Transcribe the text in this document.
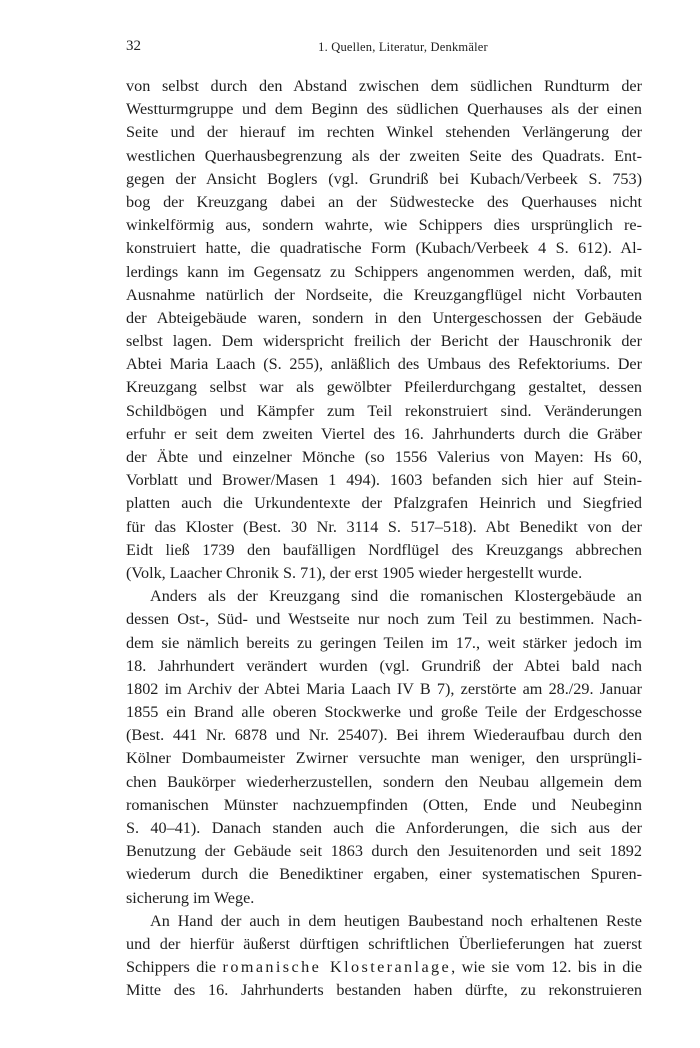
32	1. Quellen, Literatur, Denkmäler
von selbst durch den Abstand zwischen dem südlichen Rundturm der
Westturmgruppe und dem Beginn des südlichen Querhauses als der einen
Seite und der hierauf im rechten Winkel stehenden Verlängerung der
westlichen Querhausbegrenzung als der zweiten Seite des Quadrats. Ent-
gegen der Ansicht Boglers (vgl. Grundriß bei Kubach/Verbeek S. 753)
bog der Kreuzgang dabei an der Südwestecke des Querhauses nicht
winkelförmig aus, sondern wahrte, wie Schippers dies ursprünglich re-
konstruiert hatte, die quadratische Form (Kubach/Verbeek 4 S. 612). Al-
lerdings kann im Gegensatz zu Schippers angenommen werden, daß, mit
Ausnahme natürlich der Nordseite, die Kreuzgangflügel nicht Vorbauten
der Abteigebäude waren, sondern in den Untergeschossen der Gebäude
selbst lagen. Dem widerspricht freilich der Bericht der Hauschronik der
Abtei Maria Laach (S. 255), anläßlich des Umbaus des Refektoriums. Der
Kreuzgang selbst war als gewölbter Pfeilerdurchgang gestaltet, dessen
Schildbögen und Kämpfer zum Teil rekonstruiert sind. Veränderungen
erfuhr er seit dem zweiten Viertel des 16. Jahrhunderts durch die Gräber
der Äbte und einzelner Mönche (so 1556 Valerius von Mayen: Hs 60,
Vorblatt und Brower/Masen 1 494). 1603 befanden sich hier auf Stein-
platten auch die Urkundentexte der Pfalzgrafen Heinrich und Siegfried
für das Kloster (Best. 30 Nr. 3114 S. 517–518). Abt Benedikt von der
Eidt ließ 1739 den baufälligen Nordflügel des Kreuzgangs abbrechen
(Volk, Laacher Chronik S. 71), der erst 1905 wieder hergestellt wurde.
Anders als der Kreuzgang sind die romanischen Klostergebäude an
dessen Ost-, Süd- und Westseite nur noch zum Teil zu bestimmen. Nach-
dem sie nämlich bereits zu geringen Teilen im 17., weit stärker jedoch im
18. Jahrhundert verändert wurden (vgl. Grundriß der Abtei bald nach
1802 im Archiv der Abtei Maria Laach IV B 7), zerstörte am 28./29. Januar
1855 ein Brand alle oberen Stockwerke und große Teile der Erdgeschosse
(Best. 441 Nr. 6878 und Nr. 25407). Bei ihrem Wiederaufbau durch den
Kölner Dombaumeister Zwirner versuchte man weniger, den ursprüngli-
chen Baukörper wiederherzustellen, sondern den Neubau allgemein dem
romanischen Münster nachzuempfinden (Otten, Ende und Neubeginn
S. 40–41). Danach standen auch die Anforderungen, die sich aus der
Benutzung der Gebäude seit 1863 durch den Jesuitenorden und seit 1892
wiederum durch die Benediktiner ergaben, einer systematischen Spuren-
sicherung im Wege.
An Hand der auch in dem heutigen Baubestand noch erhaltenen Reste
und der hierfür äußerst dürftigen schriftlichen Überlieferungen hat zuerst
Schippers die romanische Klosteranlage, wie sie vom 12. bis in die
Mitte des 16. Jahrhunderts bestanden haben dürfte, zu rekonstruieren
